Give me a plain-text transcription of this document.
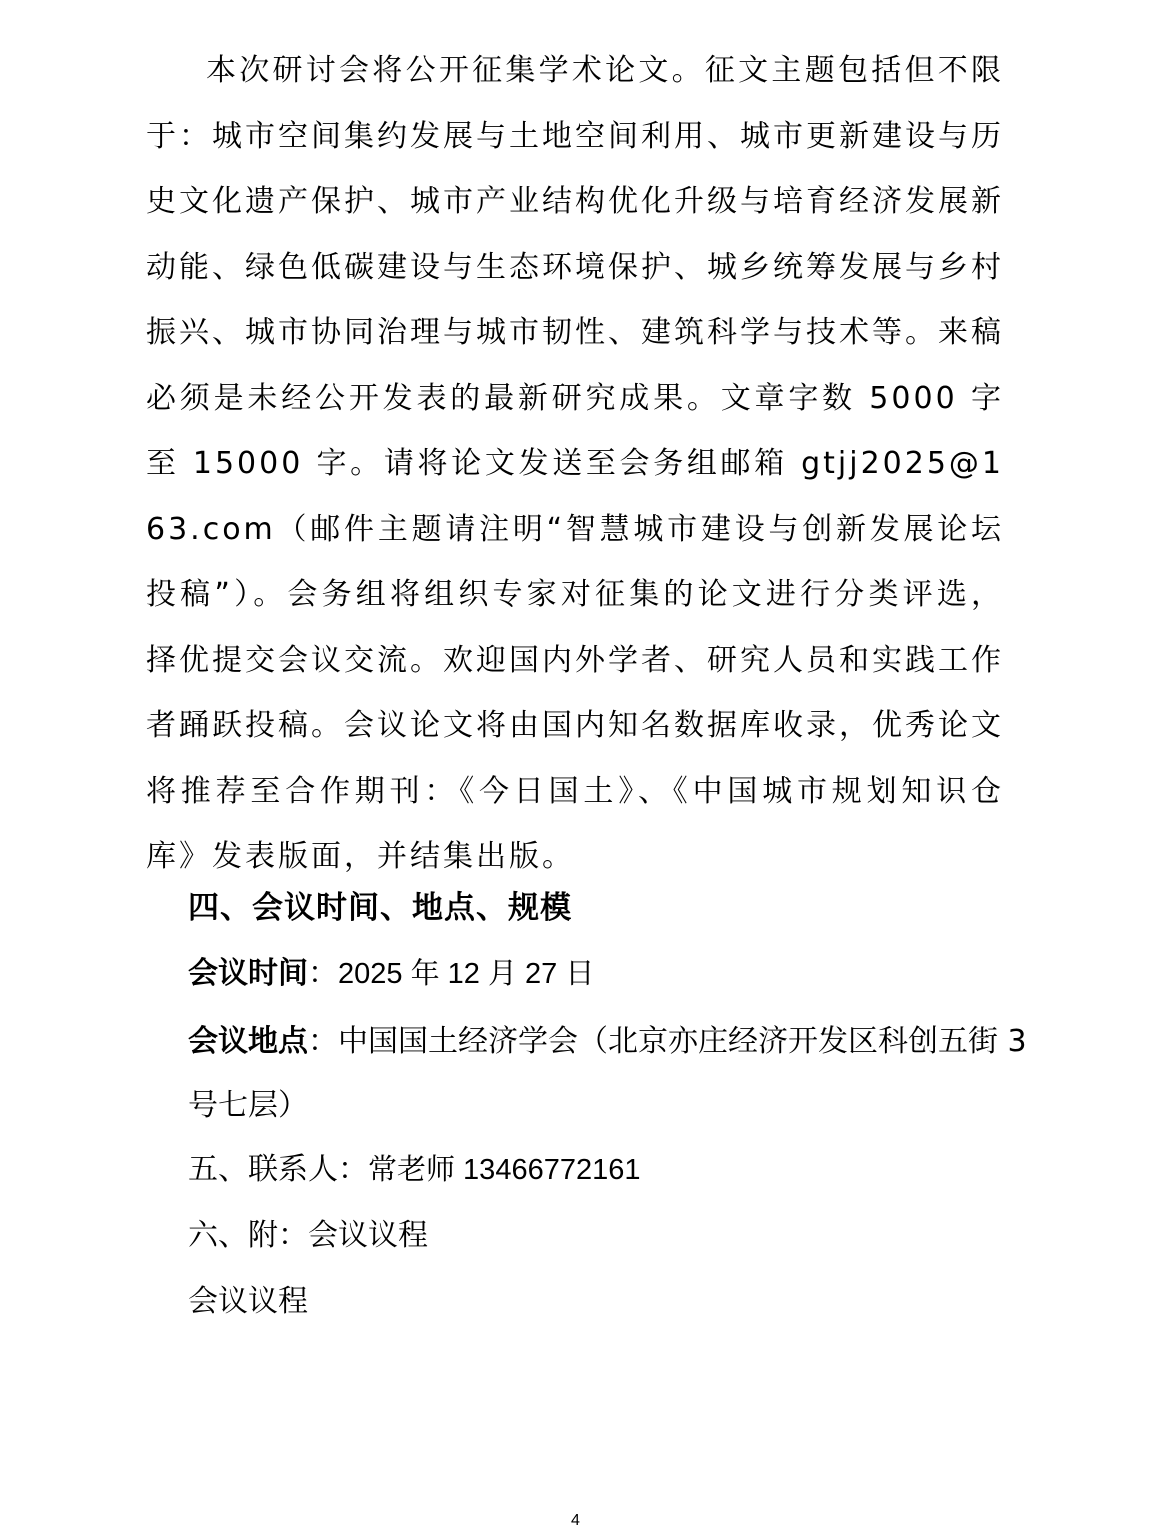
本次研讨会将公开征集学术论文。征文主题包括但不限于：城市空间集约发展与土地空间利用、城市更新建设与历史文化遗产保护、城市产业结构优化升级与培育经济发展新动能、绿色低碳建设与生态环境保护、城乡统筹发展与乡村振兴、城市协同治理与城市韧性、建筑科学与技术等。来稿必须是未经公开发表的最新研究成果。文章字数 5000 字至 15000 字。请将论文发送至会务组邮箱 gtjj2025@163.com（邮件主题请注明“智慧城市建设与创新发展论坛投稿”）。会务组将组织专家对征集的论文进行分类评选，择优提交会议交流。欢迎国内外学者、研究人员和实践工作者踊跃投稿。会议论文将由国内知名数据库收录，优秀论文将推荐至合作期刊：《今日国土》、《中国城市规划知识仓库》发表版面，并结集出版。

四、会议时间、地点、规模

会议时间：2025 年 12 月 27 日

会议地点：中国国土经济学会（北京亦庄经济开发区科创五街 3

号七层）

五、联系人：常老师 13466772161

六、附：会议议程

会议议程

4
